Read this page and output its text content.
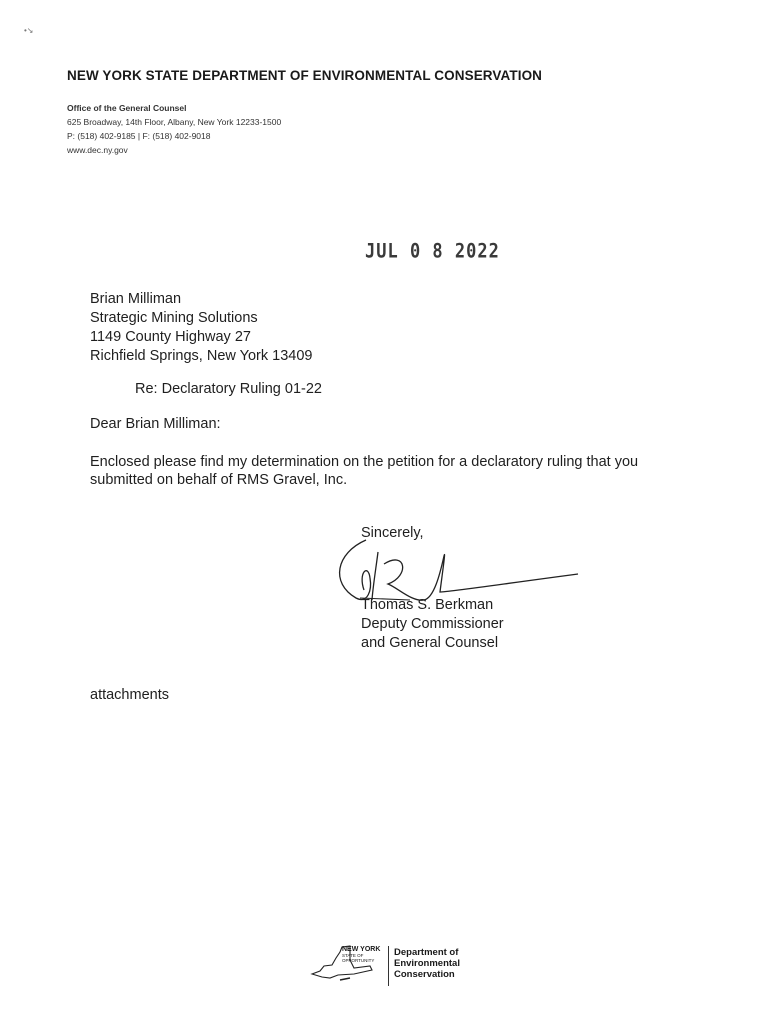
•↘
NEW YORK STATE DEPARTMENT OF ENVIRONMENTAL CONSERVATION
Office of the General Counsel
625 Broadway, 14th Floor, Albany, New York 12233-1500
P: (518) 402-9185 | F: (518) 402-9018
www.dec.ny.gov
JUL 0 8 2022
Brian Milliman
Strategic Mining Solutions
1149 County Highway 27
Richfield Springs, New York 13409
Re: Declaratory Ruling 01-22
Dear Brian Milliman:
Enclosed please find my determination on the petition for a declaratory ruling that you submitted on behalf of RMS Gravel, Inc.
Sincerely,
Thomas S. Berkman
Deputy Commissioner
and General Counsel
attachments
NEW YORK
STATE OF
OPPORTUNITY
Department of
Environmental
Conservation
